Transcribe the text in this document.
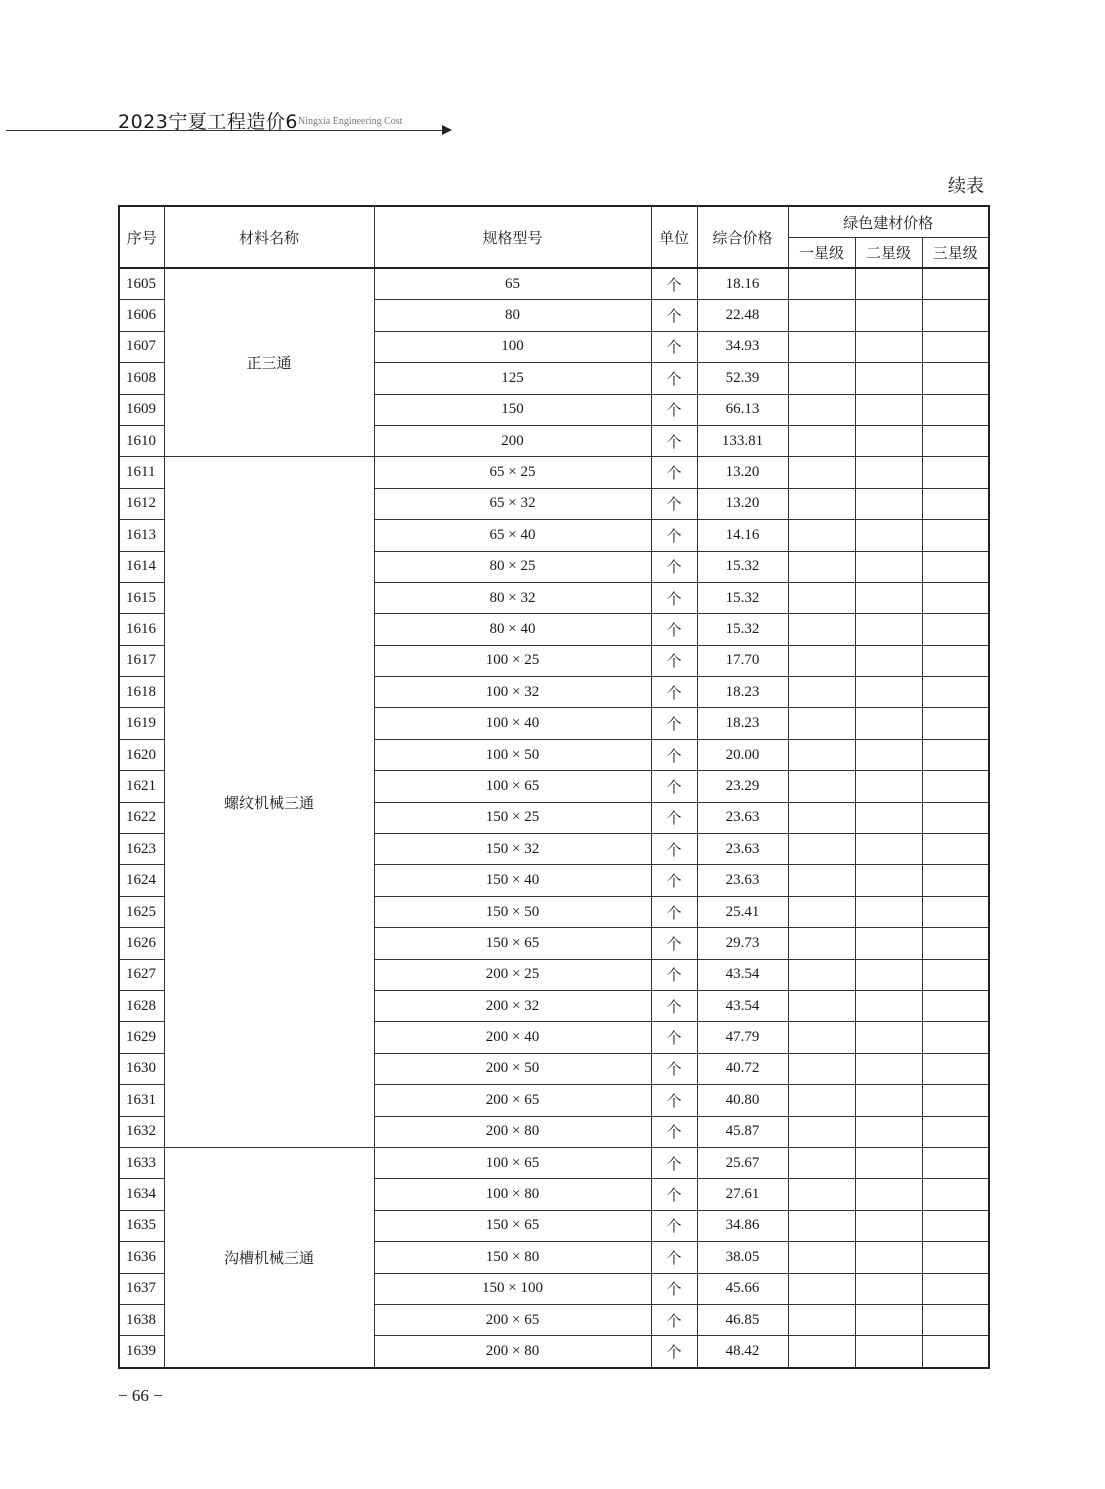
2023宁夏工程造价6 Ningxia Engineering Cost
续表
序号	材料名称	规格型号	单位	综合价格	绿色建材价格		
					一星级	二星级	三星级
1605	正三通	65	个	18.16			
1606		80	个	22.48			
1607		100	个	34.93			
1608		125	个	52.39			
1609		150	个	66.13			
1610		200	个	133.81			
1611	螺纹机械三通	65 × 25	个	13.20			
1612		65 × 32	个	13.20			
1613		65 × 40	个	14.16			
1614		80 × 25	个	15.32			
1615		80 × 32	个	15.32			
1616		80 × 40	个	15.32			
1617		100 × 25	个	17.70			
1618		100 × 32	个	18.23			
1619		100 × 40	个	18.23			
1620		100 × 50	个	20.00			
1621		100 × 65	个	23.29			
1622		150 × 25	个	23.63			
1623		150 × 32	个	23.63			
1624		150 × 40	个	23.63			
1625		150 × 50	个	25.41			
1626		150 × 65	个	29.73			
1627		200 × 25	个	43.54			
1628		200 × 32	个	43.54			
1629		200 × 40	个	47.79			
1630		200 × 50	个	40.72			
1631		200 × 65	个	40.80			
1632		200 × 80	个	45.87			
1633	沟槽机械三通	100 × 65	个	25.67			
1634		100 × 80	个	27.61			
1635		150 × 65	个	34.86			
1636		150 × 80	个	38.05			
1637		150 × 100	个	45.66			
1638		200 × 65	个	46.85			
1639		200 × 80	个	48.42			
− 66 −
